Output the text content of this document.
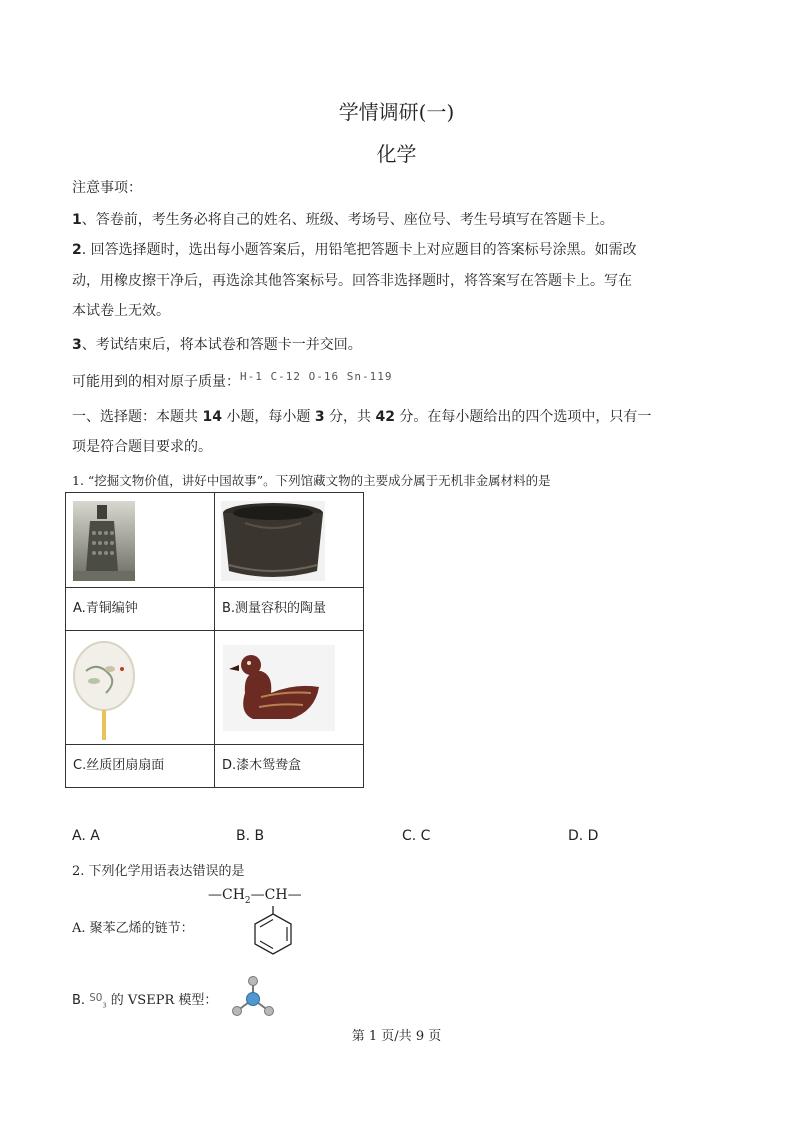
学情调研(一)
化学
注意事项：
1、答卷前，考生务必将自己的姓名、班级、考场号、座位号、考生号填写在答题卡上。
2. 回答选择题时，选出每小题答案后，用铅笔把答题卡上对应题目的答案标号涂黑。如需改
动，用橡皮擦干净后，再选涂其他答案标号。回答非选择题时，将答案写在答题卡上。写在
本试卷上无效。
3、考试结束后，将本试卷和答题卡一并交回。
可能用到的相对原子质量：$^{H-1 C-12 O-16 Sn-119}$
一、选择题：本题共 14 小题，每小题 3 分，共 42 分。在每小题给出的四个选项中，只有一
项是符合题目要求的。
1. “挖掘文物价值，讲好中国故事”。下列馆藏文物的主要成分属于无机非金属材料的是

A.青铜编钟	B.测量容积的陶量

C.丝质团扇扇面	D.漆木鸳鸯盒
A. A	B. B	C. C	D. D
2. 下列化学用语表达错误的是
A. 聚苯乙烯的链节：
$—CH_2—CH—$
B. $^{SO}_3$ 的 VSEPR 模型：
第 1 页/共 9 页
